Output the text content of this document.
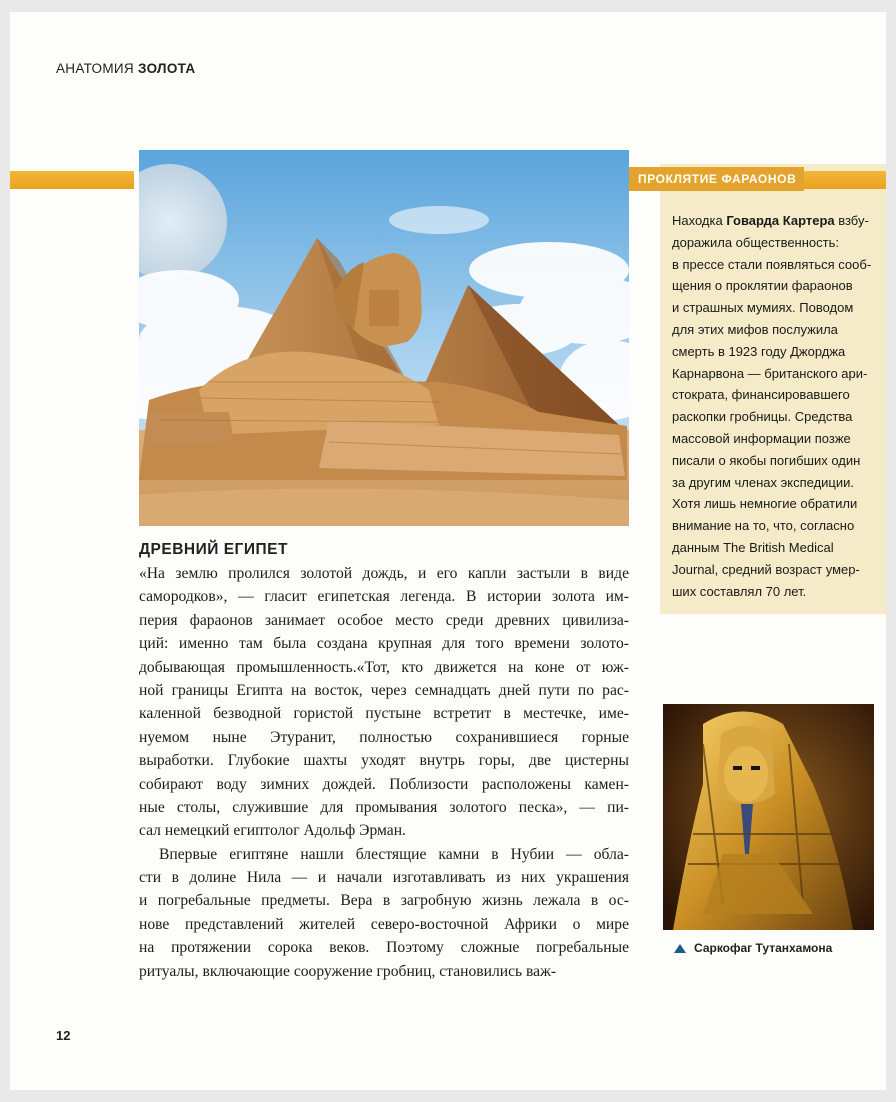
АНАТОМИЯ ЗОЛОТА
ПРОКЛЯТИЕ ФАРАОНОВ
Находка Говарда Картера взбу-
доражила общественность:
в прессе стали появляться сооб-
щения о проклятии фараонов
и страшных мумиях. Поводом
для этих мифов послужила
смерть в 1923 году Джорджа
Карнарвона — британского ари-
стократа, финансировавшего
раскопки гробницы. Средства
массовой информации позже
писали о якобы погибших один
за другим членах экспедиции.
Хотя лишь немногие обратили
внимание на то, что, согласно
данным The British Medical
Journal, средний возраст умер-
ших составлял 70 лет.
ДРЕВНИЙ ЕГИПЕТ
«На землю пролился золотой дождь, и его капли застыли в виде
самородков», — гласит египетская легенда. В истории золота им-
перия фараонов занимает особое место среди древних цивилиза-
ций: именно там была создана крупная для того времени золото-
добывающая промышленность.«Тот, кто движется на коне от юж-
ной границы Египта на восток, через семнадцать дней пути по рас-
каленной безводной гористой пустыне встретит в местечке, име-
нуемом ныне Этуранит, полностью сохранившиеся горные
выработки. Глубокие шахты уходят внутрь горы, две цистерны
собирают воду зимних дождей. Поблизости расположены камен-
ные столы, служившие для промывания золотого песка», — пи-
сал немецкий египтолог Адольф Эрман.
Впервые египтяне нашли блестящие камни в Нубии — обла-
сти в долине Нила — и начали изготавливать из них украшения
и погребальные предметы. Вера в загробную жизнь лежала в ос-
нове представлений жителей северо-восточной Африки о мире
на протяжении сорока веков. Поэтому сложные погребальные
ритуалы, включающие сооружение гробниц, становились важ-
Саркофаг Тутанхамона
12
